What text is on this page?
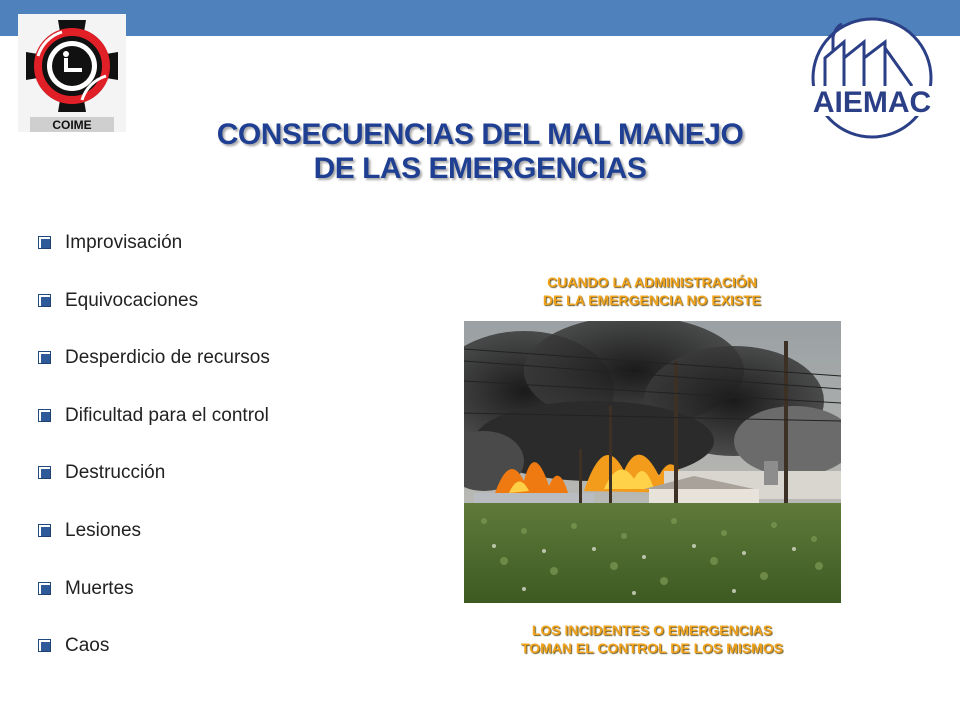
COIME
AIEMAC
CONSECUENCIAS DEL MAL MANEJO
DE LAS EMERGENCIAS
Improvisación
Equivocaciones
Desperdicio de recursos
Dificultad para el control
Destrucción
Lesiones
Muertes
Caos
CUANDO LA ADMINISTRACIÓN
DE LA EMERGENCIA NO EXISTE
LOS INCIDENTES O EMERGENCIAS
TOMAN EL CONTROL DE LOS MISMOS
